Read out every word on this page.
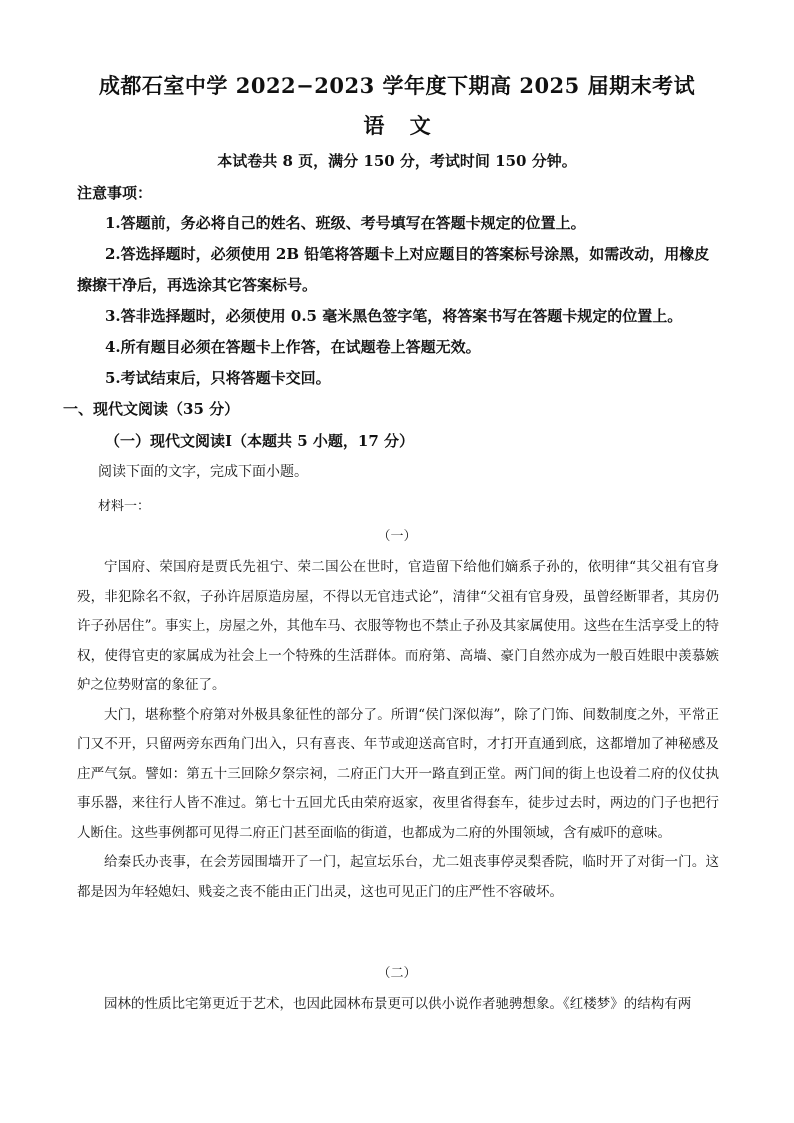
成都石室中学 2022−2023 学年度下期高 2025 届期末考试
语 文
本试卷共 8 页，满分 150 分，考试时间 150 分钟。
注意事项：
1.答题前，务必将自己的姓名、班级、考号填写在答题卡规定的位置上。
2.答选择题时，必须使用 2B 铅笔将答题卡上对应题目的答案标号涂黑，如需改动，用橡皮擦擦干净后，再选涂其它答案标号。
3.答非选择题时，必须使用 0.5 毫米黑色签字笔，将答案书写在答题卡规定的位置上。
4.所有题目必须在答题卡上作答，在试题卷上答题无效。
5.考试结束后，只将答题卡交回。
一、现代文阅读（35 分）
（一）现代文阅读Ⅰ（本题共 5 小题，17 分）
阅读下面的文字，完成下面小题。
材料一：
（一）

宁国府、荣国府是贾氏先祖宁、荣二国公在世时，官造留下给他们嫡系子孙的，依明律“其父祖有官身殁，非犯除名不叙，子孙许居原造房屋，不得以无官违式论”，清律“父祖有官身殁，虽曾经断罪者，其房仍许子孙居住”。事实上，房屋之外，其他车马、衣服等物也不禁止子孙及其家属使用。这些在生活享受上的特权，使得官吏的家属成为社会上一个特殊的生活群体。而府第、高墙、豪门自然亦成为一般百姓眼中羡慕嫉妒之位势财富的象征了。

大门，堪称整个府第对外极具象征性的部分了。所谓“侯门深似海”，除了门饰、间数制度之外，平常正门又不开，只留两旁东西角门出入，只有喜丧、年节或迎送高官时，才打开直通到底，这都增加了神秘感及庄严气氛。譬如：第五十三回除夕祭宗祠，二府正门大开一路直到正堂。两门间的街上也设着二府的仪仗执事乐器，来往行人皆不准过。第七十五回尤氏由荣府返家，夜里省得套车，徒步过去时，两边的门子也把行人断住。这些事例都可见得二府正门甚至面临的街道，也都成为二府的外围领域，含有威吓的意味。

给秦氏办丧事，在会芳园围墙开了一门，起宣坛乐台，尤二姐丧事停灵梨香院，临时开了对街一门。这都是因为年轻媳妇、贱妾之丧不能由正门出灵，这也可见正门的庄严性不容破坏。

（二）

园林的性质比宅第更近于艺术，也因此园林布景更可以供小说作者驰骋想象。《红楼梦》的结构有两
